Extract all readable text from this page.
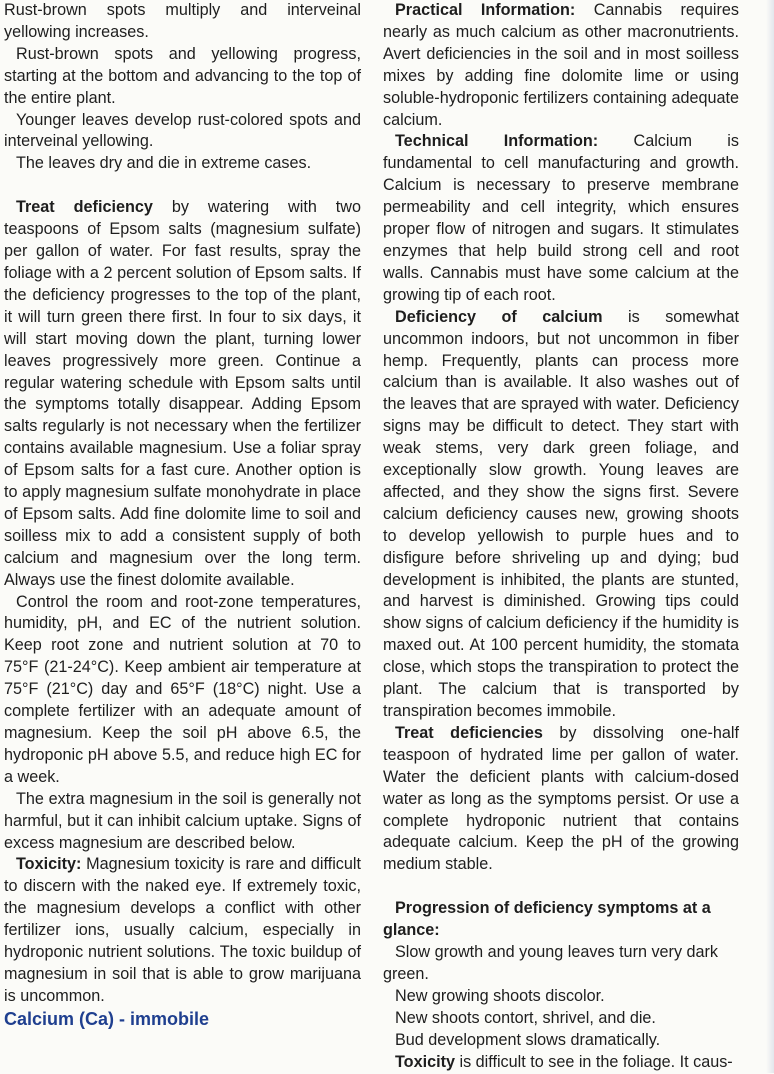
Rust-brown spots multiply and interveinal yellowing increases.

Rust-brown spots and yellowing progress, starting at the bottom and advancing to the top of the entire plant.

Younger leaves develop rust-colored spots and interveinal yellowing.

The leaves dry and die in extreme cases.

Treat deficiency by watering with two teaspoons of Epsom salts (magnesium sulfate) per gallon of water. For fast results, spray the foliage with a 2 percent solution of Epsom salts. If the deficiency progresses to the top of the plant, it will turn green there first. In four to six days, it will start moving down the plant, turning lower leaves progressively more green. Continue a regular watering schedule with Epsom salts until the symptoms totally disappear. Adding Epsom salts regularly is not necessary when the fertilizer contains available magnesium. Use a foliar spray of Epsom salts for a fast cure. Another option is to apply magnesium sulfate monohydrate in place of Epsom salts. Add fine dolomite lime to soil and soilless mix to add a consistent supply of both calcium and magnesium over the long term. Always use the finest dolomite available.

Control the room and root-zone temperatures, humidity, pH, and EC of the nutrient solution. Keep root zone and nutrient solution at 70 to 75°F (21-24°C). Keep ambient air temperature at 75°F (21°C) day and 65°F (18°C) night. Use a complete fertilizer with an adequate amount of magnesium. Keep the soil pH above 6.5, the hydroponic pH above 5.5, and reduce high EC for a week.

The extra magnesium in the soil is generally not harmful, but it can inhibit calcium uptake. Signs of excess magnesium are described below.

Toxicity: Magnesium toxicity is rare and difficult to discern with the naked eye. If extremely toxic, the magnesium develops a conflict with other fertilizer ions, usually calcium, especially in hydroponic nutrient solutions. The toxic buildup of magnesium in soil that is able to grow marijuana is uncommon.

Calcium (Ca) - immobile

Practical Information: Cannabis requires nearly as much calcium as other macronutrients. Avert deficiencies in the soil and in most soilless mixes by adding fine dolomite lime or using soluble-hydroponic fertilizers containing adequate calcium.

Technical Information: Calcium is fundamental to cell manufacturing and growth. Calcium is necessary to preserve membrane permeability and cell integrity, which ensures proper flow of nitrogen and sugars. It stimulates enzymes that help build strong cell and root walls. Cannabis must have some calcium at the growing tip of each root.

Deficiency of calcium is somewhat uncommon indoors, but not uncommon in fiber hemp. Frequently, plants can process more calcium than is available. It also washes out of the leaves that are sprayed with water. Deficiency signs may be difficult to detect. They start with weak stems, very dark green foliage, and exceptionally slow growth. Young leaves are affected, and they show the signs first. Severe calcium deficiency causes new, growing shoots to develop yellowish to purple hues and to disfigure before shriveling up and dying; bud development is inhibited, the plants are stunted, and harvest is diminished. Growing tips could show signs of calcium deficiency if the humidity is maxed out. At 100 percent humidity, the stomata close, which stops the transpiration to protect the plant. The calcium that is transported by transpiration becomes immobile.

Treat deficiencies by dissolving one-half teaspoon of hydrated lime per gallon of water. Water the deficient plants with calcium-dosed water as long as the symptoms persist. Or use a complete hydroponic nutrient that contains adequate calcium. Keep the pH of the growing medium stable.

Progression of deficiency symptoms at a glance:

Slow growth and young leaves turn very dark green.

New growing shoots discolor.

New shoots contort, shrivel, and die.

Bud development slows dramatically.

Toxicity is difficult to see in the foliage. It caus-
